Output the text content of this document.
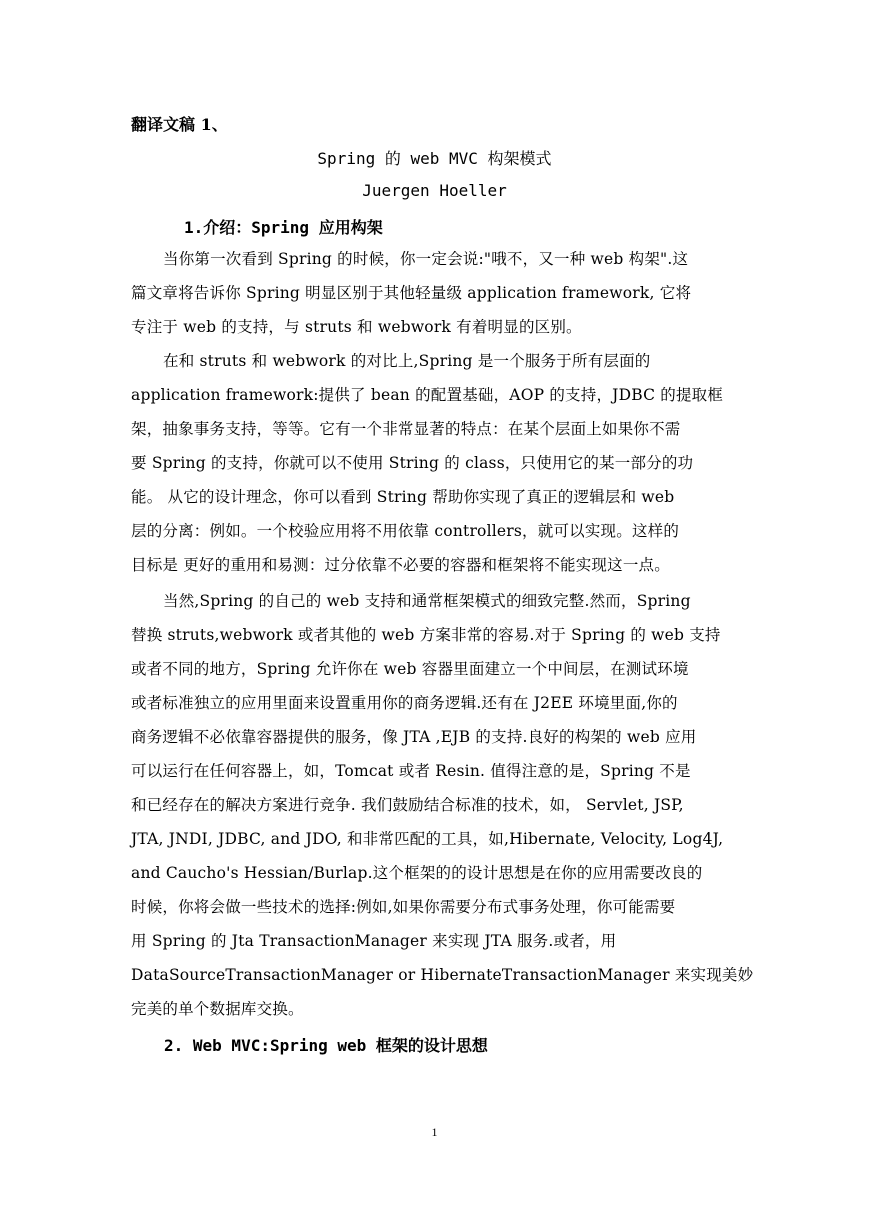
翻译文稿 1、
Spring 的 web MVC 构架模式
Juergen Hoeller
1.介绍：Spring 应用构架
当你第一次看到 Spring 的时候，你一定会说:"哦不，又一种 web 构架".这
篇文章将告诉你 Spring 明显区别于其他轻量级 application framework, 它将
专注于 web 的支持，与 struts 和 webwork 有着明显的区别。
在和 struts 和 webwork 的对比上,Spring 是一个服务于所有层面的
application framework:提供了 bean 的配置基础，AOP 的支持，JDBC 的提取框
架，抽象事务支持，等等。它有一个非常显著的特点：在某个层面上如果你不需
要 Spring 的支持，你就可以不使用 String 的 class，只使用它的某一部分的功
能。 从它的设计理念，你可以看到 String 帮助你实现了真正的逻辑层和 web
层的分离：例如。一个校验应用将不用依靠 controllers，就可以实现。这样的
目标是 更好的重用和易测：过分依靠不必要的容器和框架将不能实现这一点。
当然,Spring 的自己的 web 支持和通常框架模式的细致完整.然而，Spring
替换 struts,webwork 或者其他的 web 方案非常的容易.对于 Spring 的 web 支持
或者不同的地方，Spring 允许你在 web 容器里面建立一个中间层，在测试环境
或者标准独立的应用里面来设置重用你的商务逻辑.还有在 J2EE 环境里面,你的
商务逻辑不必依靠容器提供的服务，像 JTA ,EJB 的支持.良好的构架的 web 应用
可以运行在任何容器上，如，Tomcat 或者 Resin. 值得注意的是，Spring 不是
和已经存在的解决方案进行竞争. 我们鼓励结合标准的技术，如， Servlet, JSP,
JTA, JNDI, JDBC, and JDO, 和非常匹配的工具，如,Hibernate, Velocity, Log4J,
and Caucho's Hessian/Burlap.这个框架的的设计思想是在你的应用需要改良的
时候，你将会做一些技术的选择:例如,如果你需要分布式事务处理，你可能需要
用 Spring 的 Jta TransactionManager 来实现 JTA 服务.或者，用
DataSourceTransactionManager or HibernateTransactionManager 来实现美妙
完美的单个数据库交换。
2. Web MVC:Spring web 框架的设计思想
1
